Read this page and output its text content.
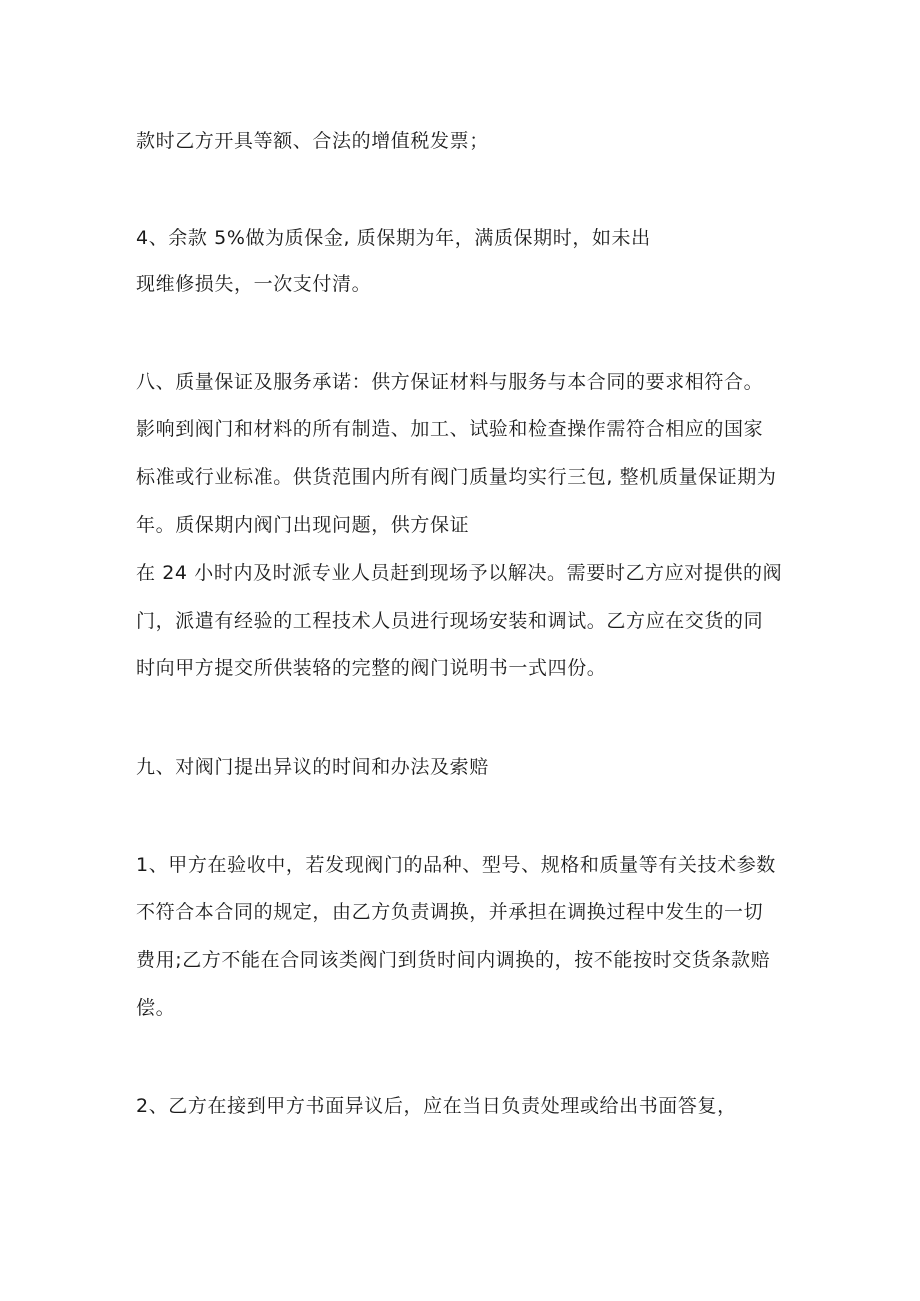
款时乙方开具等额、合法的增值税发票；
4、余款 5%做为质保金, 质保期为年，满质保期时，如未出
现维修损失，一次支付清。
八、质量保证及服务承诺：供方保证材料与服务与本合同的要求相符合。
影响到阀门和材料的所有制造、加工、试验和检查操作需符合相应的国家
标准或行业标准。供货范围内所有阀门质量均实行三包, 整机质量保证期为
年。质保期内阀门出现问题，供方保证
在 24 小时内及时派专业人员赶到现场予以解决。需要时乙方应对提供的阀
门，派遣有经验的工程技术人员进行现场安装和调试。乙方应在交货的同
时向甲方提交所供装辂的完整的阀门说明书一式四份。
九、对阀门提出异议的时间和办法及索赔
1、甲方在验收中，若发现阀门的品种、型号、规格和质量等有关技术参数
不符合本合同的规定，由乙方负责调换，并承担在调换过程中发生的一切
费用;乙方不能在合同该类阀门到货时间内调换的，按不能按时交货条款赔
偿。
2、乙方在接到甲方书面异议后，应在当日负责处理或给出书面答复，
